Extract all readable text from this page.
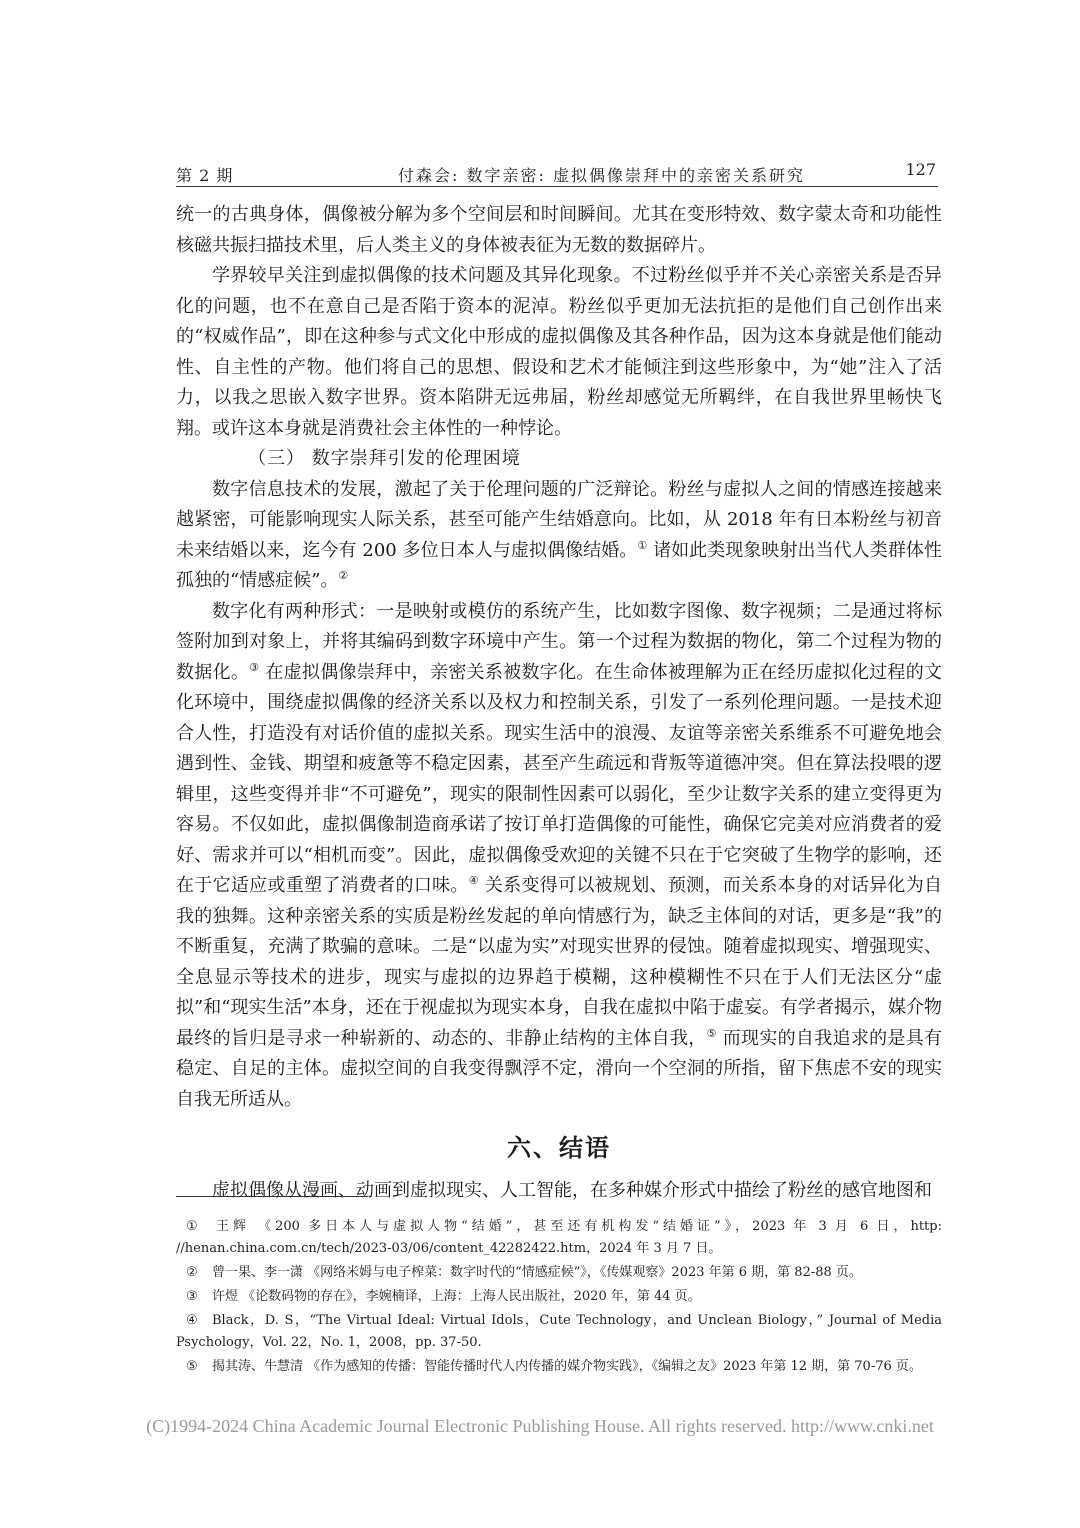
第 2 期	付森会: 数字亲密: 虚拟偶像崇拜中的亲密关系研究	127

统一的古典身体，偶像被分解为多个空间层和时间瞬间。尤其在变形特效、数字蒙太奇和功能性核磁共振扫描技术里，后人类主义的身体被表征为无数的数据碎片。

学界较早关注到虚拟偶像的技术问题及其异化现象。不过粉丝似乎并不关心亲密关系是否异化的问题，也不在意自己是否陷于资本的泥淖。粉丝似乎更加无法抗拒的是他们自己创作出来的“权威作品”，即在这种参与式文化中形成的虚拟偶像及其各种作品，因为这本身就是他们能动性、自主性的产物。他们将自己的思想、假设和艺术才能倾注到这些形象中，为“她”注入了活力，以我之思嵌入数字世界。资本陷阱无远弗届，粉丝却感觉无所羁绊，在自我世界里畅快飞翔。或许这本身就是消费社会主体性的一种悖论。

（三） 数字崇拜引发的伦理困境

数字信息技术的发展，激起了关于伦理问题的广泛辩论。粉丝与虚拟人之间的情感连接越来越紧密，可能影响现实人际关系，甚至可能产生结婚意向。比如，从 2018 年有日本粉丝与初音未来结婚以来，迄今有 200 多位日本人与虚拟偶像结婚。① 诸如此类现象映射出当代人类群体性孤独的“情感症候”。②

数字化有两种形式：一是映射或模仿的系统产生，比如数字图像、数字视频；二是通过将标签附加到对象上，并将其编码到数字环境中产生。第一个过程为数据的物化，第二个过程为物的数据化。③ 在虚拟偶像崇拜中，亲密关系被数字化。在生命体被理解为正在经历虚拟化过程的文化环境中，围绕虚拟偶像的经济关系以及权力和控制关系，引发了一系列伦理问题。一是技术迎合人性，打造没有对话价值的虚拟关系。现实生活中的浪漫、友谊等亲密关系维系不可避免地会遇到性、金钱、期望和疲惫等不稳定因素，甚至产生疏远和背叛等道德冲突。但在算法投喂的逻辑里，这些变得并非“不可避免”，现实的限制性因素可以弱化，至少让数字关系的建立变得更为容易。不仅如此，虚拟偶像制造商承诺了按订单打造偶像的可能性，确保它完美对应消费者的爱好、需求并可以“相机而变”。因此，虚拟偶像受欢迎的关键不只在于它突破了生物学的影响，还在于它适应或重塑了消费者的口味。④ 关系变得可以被规划、预测，而关系本身的对话异化为自我的独舞。这种亲密关系的实质是粉丝发起的单向情感行为，缺乏主体间的对话，更多是“我”的不断重复，充满了欺骗的意味。二是“以虚为实”对现实世界的侵蚀。随着虚拟现实、增强现实、全息显示等技术的进步，现实与虚拟的边界趋于模糊，这种模糊性不只在于人们无法区分“虚拟”和“现实生活”本身，还在于视虚拟为现实本身，自我在虚拟中陷于虚妄。有学者揭示，媒介物最终的旨归是寻求一种崭新的、动态的、非静止结构的主体自我，⑤ 而现实的自我追求的是具有稳定、自足的主体。虚拟空间的自我变得飘浮不定，滑向一个空洞的所指，留下焦虑不安的现实自我无所适从。

六、结语

虚拟偶像从漫画、动画到虚拟现实、人工智能，在多种媒介形式中描绘了粉丝的感官地图和

① 王辉 《200 多日本人与虚拟人物“结婚”，甚至还有机构发“结婚证”》，2023 年 3 月 6 日，http: //henan.china.com.cn/tech/2023-03/06/content_42282422.htm，2024 年 3 月 7 日。
② 曾一果、李一潇 《网络米姆与电子榨菜：数字时代的“情感症候”》，《传媒观察》2023 年第 6 期，第 82-88 页。
③ 许煜 《论数码物的存在》，李婉楠译，上海：上海人民出版社，2020 年，第 44 页。
④ Black，D. S，“The Virtual Ideal: Virtual Idols，Cute Technology，and Unclean Biology，” Journal of Media Psychology，Vol. 22，No. 1，2008，pp. 37-50.
⑤ 揭其涛、牛慧清 《作为感知的传播：智能传播时代人内传播的媒介物实践》，《编辑之友》2023 年第 12 期，第 70-76 页。
(C)1994-2024 China Academic Journal Electronic Publishing House. All rights reserved. http://www.cnki.net
